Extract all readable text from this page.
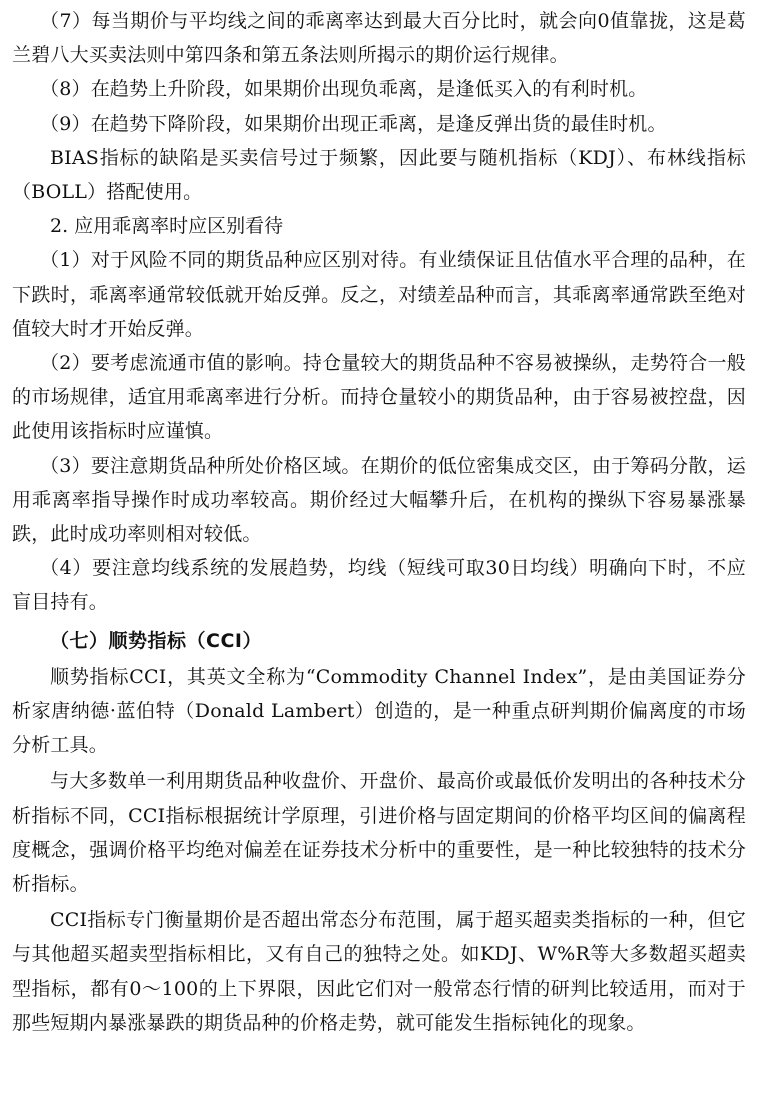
（7）每当期价与平均线之间的乖离率达到最大百分比时，就会向0值靠拢，这是葛兰碧八大买卖法则中第四条和第五条法则所揭示的期价运行规律。

（8）在趋势上升阶段，如果期价出现负乖离，是逢低买入的有利时机。

（9）在趋势下降阶段，如果期价出现正乖离，是逢反弹出货的最佳时机。

BIAS指标的缺陷是买卖信号过于频繁，因此要与随机指标（KDJ）、布林线指标（BOLL）搭配使用。

2. 应用乖离率时应区别看待

（1）对于风险不同的期货品种应区别对待。有业绩保证且估值水平合理的品种，在下跌时，乖离率通常较低就开始反弹。反之，对绩差品种而言，其乖离率通常跌至绝对值较大时才开始反弹。

（2）要考虑流通市值的影响。持仓量较大的期货品种不容易被操纵，走势符合一般的市场规律，适宜用乖离率进行分析。而持仓量较小的期货品种，由于容易被控盘，因此使用该指标时应谨慎。

（3）要注意期货品种所处价格区域。在期价的低位密集成交区，由于筹码分散，运用乖离率指导操作时成功率较高。期价经过大幅攀升后，在机构的操纵下容易暴涨暴跌，此时成功率则相对较低。

（4）要注意均线系统的发展趋势，均线（短线可取30日均线）明确向下时，不应盲目持有。

（七）顺势指标（CCI）

顺势指标CCI，其英文全称为“Commodity Channel Index”，是由美国证券分析家唐纳德·蓝伯特（Donald Lambert）创造的，是一种重点研判期价偏离度的市场分析工具。

与大多数单一利用期货品种收盘价、开盘价、最高价或最低价发明出的各种技术分析指标不同，CCI指标根据统计学原理，引进价格与固定期间的价格平均区间的偏离程度概念，强调价格平均绝对偏差在证券技术分析中的重要性，是一种比较独特的技术分析指标。

CCI指标专门衡量期价是否超出常态分布范围，属于超买超卖类指标的一种，但它与其他超买超卖型指标相比，又有自己的独特之处。如KDJ、W%R等大多数超买超卖型指标，都有0～100的上下界限，因此它们对一般常态行情的研判比较适用，而对于那些短期内暴涨暴跌的期货品种的价格走势，就可能发生指标钝化的现象。
